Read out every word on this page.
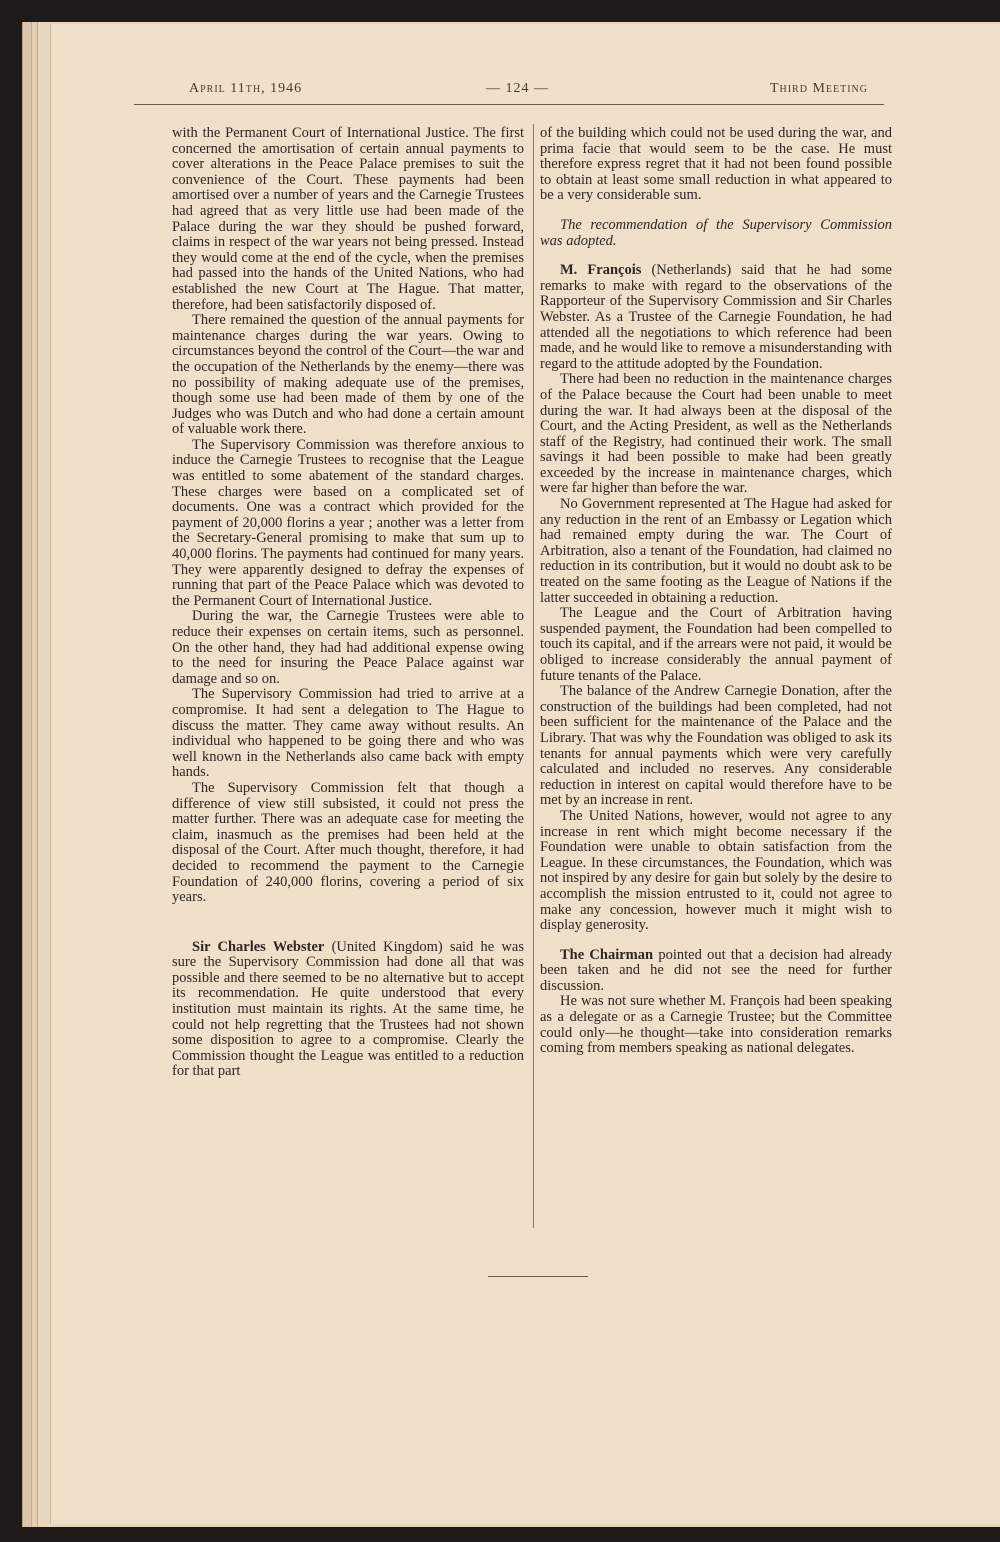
April 11th, 1946	— 124 —	Third Meeting

with the Permanent Court of International Justice. The first concerned the amortisation of certain annual payments to cover alterations in the Peace Palace premises to suit the convenience of the Court. These payments had been amortised over a number of years and the Carnegie Trustees had agreed that as very little use had been made of the Palace during the war they should be pushed forward, claims in respect of the war years not being pressed. Instead they would come at the end of the cycle, when the premises had passed into the hands of the United Nations, who had established the new Court at The Hague. That matter, therefore, had been satisfactorily disposed of.

There remained the question of the annual payments for maintenance charges during the war years. Owing to circumstances beyond the control of the Court—the war and the occupation of the Netherlands by the enemy—there was no possibility of making adequate use of the premises, though some use had been made of them by one of the Judges who was Dutch and who had done a certain amount of valuable work there.

The Supervisory Commission was therefore anxious to induce the Carnegie Trustees to recognise that the League was entitled to some abatement of the standard charges. These charges were based on a complicated set of documents. One was a contract which provided for the payment of 20,000 florins a year ; another was a letter from the Secretary-General promising to make that sum up to 40,000 florins. The payments had continued for many years. They were apparently designed to defray the expenses of running that part of the Peace Palace which was devoted to the Permanent Court of International Justice.

During the war, the Carnegie Trustees were able to reduce their expenses on certain items, such as personnel. On the other hand, they had had additional expense owing to the need for insuring the Peace Palace against war damage and so on.

The Supervisory Commission had tried to arrive at a compromise. It had sent a delegation to The Hague to discuss the matter. They came away without results. An individual who happened to be going there and who was well known in the Netherlands also came back with empty hands.

The Supervisory Commission felt that though a difference of view still subsisted, it could not press the matter further. There was an adequate case for meeting the claim, inasmuch as the premises had been held at the disposal of the Court. After much thought, therefore, it had decided to recommend the payment to the Carnegie Foundation of 240,000 florins, covering a period of six years.

Sir Charles Webster (United Kingdom) said he was sure the Supervisory Commission had done all that was possible and there seemed to be no alternative but to accept its recommendation. He quite understood that every institution must maintain its rights. At the same time, he could not help regretting that the Trustees had not shown some disposition to agree to a compromise. Clearly the Commission thought the League was entitled to a reduction for that part

of the building which could not be used during the war, and prima facie that would seem to be the case. He must therefore express regret that it had not been found possible to obtain at least some small reduction in what appeared to be a very considerable sum.

The recommendation of the Supervisory Commission was adopted.

M. François (Netherlands) said that he had some remarks to make with regard to the observations of the Rapporteur of the Supervisory Commission and Sir Charles Webster. As a Trustee of the Carnegie Foundation, he had attended all the negotiations to which reference had been made, and he would like to remove a misunderstanding with regard to the attitude adopted by the Foundation.

There had been no reduction in the maintenance charges of the Palace because the Court had been unable to meet during the war. It had always been at the disposal of the Court, and the Acting President, as well as the Netherlands staff of the Registry, had continued their work. The small savings it had been possible to make had been greatly exceeded by the increase in maintenance charges, which were far higher than before the war.

No Government represented at The Hague had asked for any reduction in the rent of an Embassy or Legation which had remained empty during the war. The Court of Arbitration, also a tenant of the Foundation, had claimed no reduction in its contribution, but it would no doubt ask to be treated on the same footing as the League of Nations if the latter succeeded in obtaining a reduction.

The League and the Court of Arbitration having suspended payment, the Foundation had been compelled to touch its capital, and if the arrears were not paid, it would be obliged to increase considerably the annual payment of future tenants of the Palace.

The balance of the Andrew Carnegie Donation, after the construction of the buildings had been completed, had not been sufficient for the maintenance of the Palace and the Library. That was why the Foundation was obliged to ask its tenants for annual payments which were very carefully calculated and included no reserves. Any considerable reduction in interest on capital would therefore have to be met by an increase in rent.

The United Nations, however, would not agree to any increase in rent which might become necessary if the Foundation were unable to obtain satisfaction from the League. In these circumstances, the Foundation, which was not inspired by any desire for gain but solely by the desire to accomplish the mission entrusted to it, could not agree to make any concession, however much it might wish to display generosity.

The Chairman pointed out that a decision had already been taken and he did not see the need for further discussion.

He was not sure whether M. François had been speaking as a delegate or as a Carnegie Trustee; but the Committee could only—he thought—take into consideration remarks coming from members speaking as national delegates.
